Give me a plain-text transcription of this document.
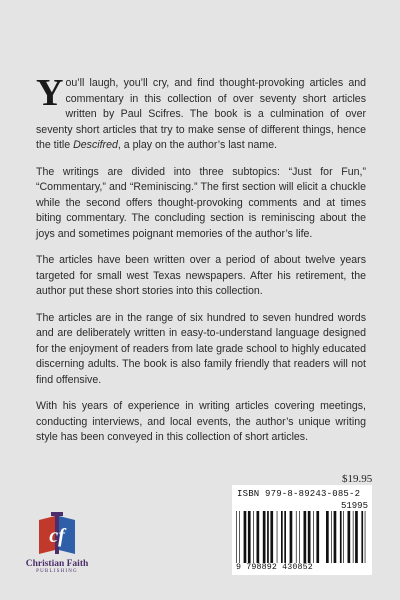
You’ll laugh, you’ll cry, and find thought-provoking articles and commentary in this collection of over seventy short articles written by Paul Scifres. The book is a culmination of over seventy short articles that try to make sense of different things, hence the title Descifred, a play on the author’s last name.

The writings are divided into three subtopics: “Just for Fun,” “Commentary,” and “Reminiscing.” The first section will elicit a chuckle while the second offers thought-provoking comments and at times biting commentary. The concluding section is reminiscing about the joys and sometimes poignant memories of the author’s life.

The articles have been written over a period of about twelve years targeted for small west Texas newspapers. After his retirement, the author put these short stories into this collection.

The articles are in the range of six hundred to seven hundred words and are deliberately written in easy-to-understand language designed for the enjoyment of readers from late grade school to highly educated discerning adults. The book is also family friendly that readers will not find offensive.

With his years of experience in writing articles covering meetings, conducting interviews, and local events, the author’s unique writing style has been conveyed in this collection of short articles.

$19.95
ISBN 979-8-89243-085-2
51995
9 798892 430852
cf
Christian Faith
PUBLISHING
